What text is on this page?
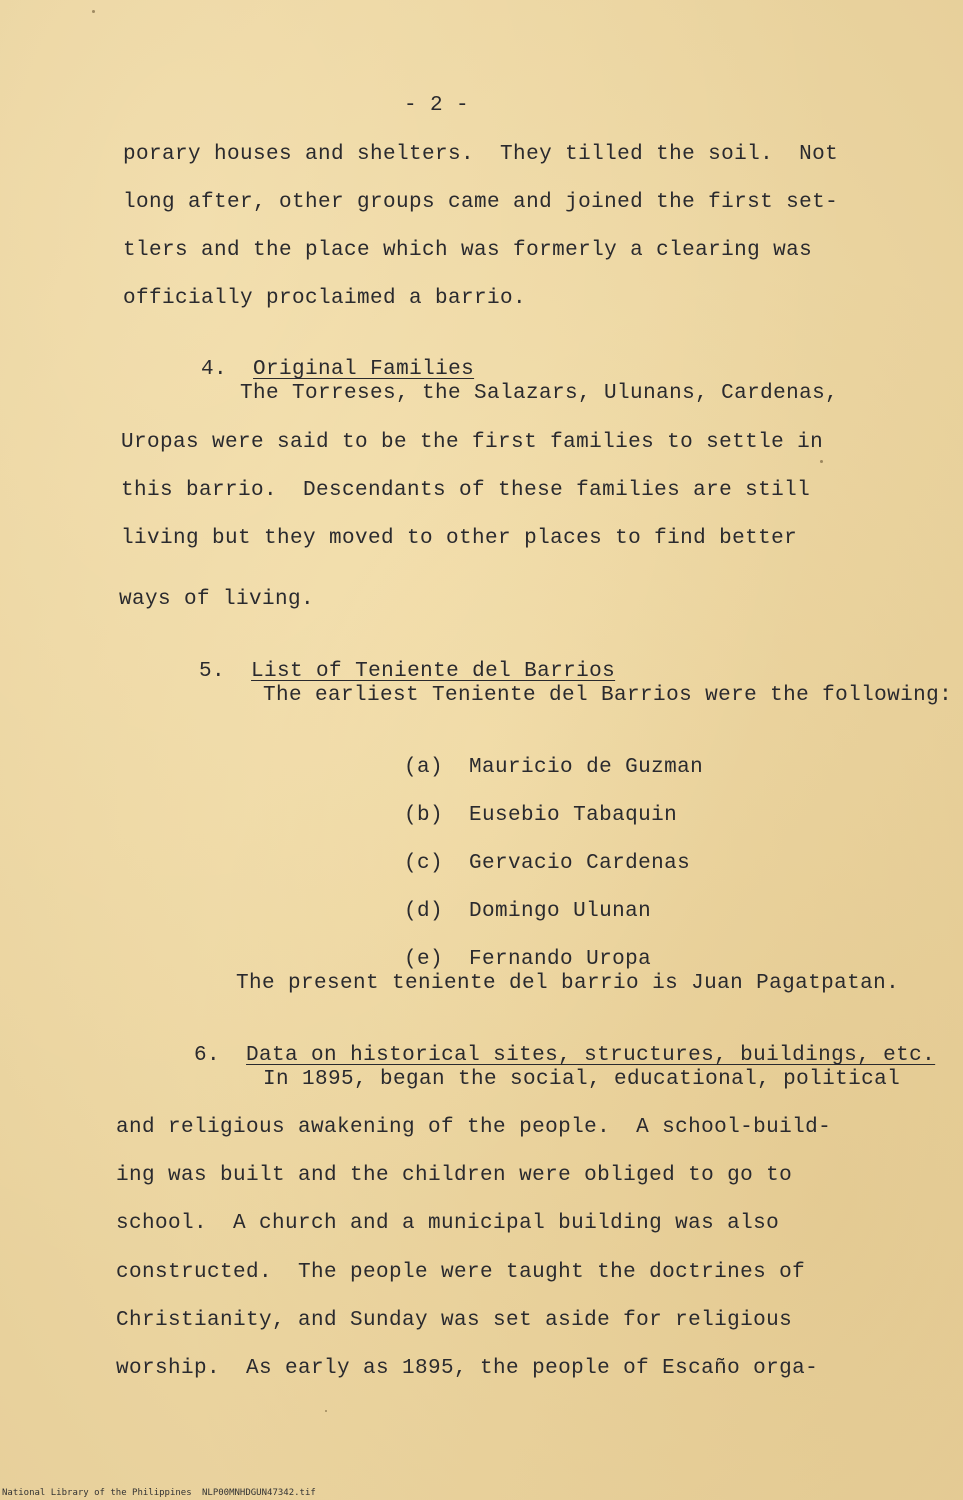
- 2 -
porary houses and shelters.  They tilled the soil.  Not
long after, other groups came and joined the first set-
tlers and the place which was formerly a clearing was
officially proclaimed a barrio.

4. Original Families

The Torreses, the Salazars, Ulunans, Cardenas,
Uropas were said to be the first families to settle in
this barrio.  Descendants of these families are still
living but they moved to other places to find better
ways of living.

5. List of Teniente del Barrios

The earliest Teniente del Barrios were the following:

(a) Mauricio de Guzman

(b) Eusebio Tabaquin

(c) Gervacio Cardenas

(d) Domingo Ulunan

(e) Fernando Uropa

The present teniente del barrio is Juan Pagatpatan.

6. Data on historical sites, structures, buildings, etc.

In 1895, began the social, educational, political
and religious awakening of the people.  A school-build-
ing was built and the children were obliged to go to
school.  A church and a municipal building was also
constructed.  The people were taught the doctrines of
Christianity, and Sunday was set aside for religious
worship.  As early as 1895, the people of Escaño orga-
National Library of the Philippines NLP00MNHDGUN47342.tif
